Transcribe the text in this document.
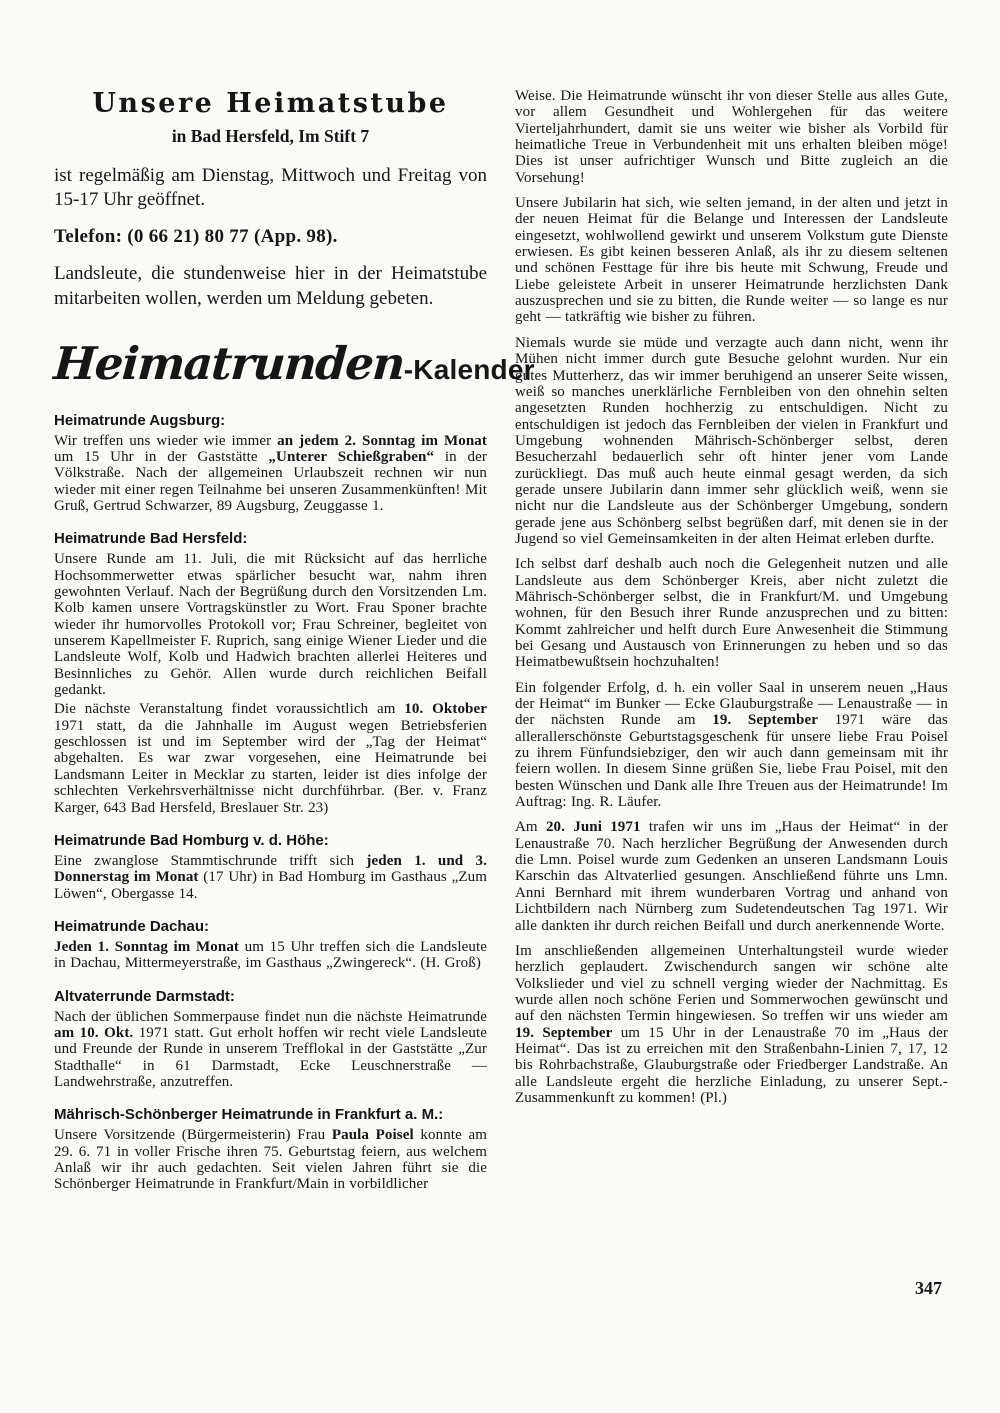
Unsere Heimatstube
in Bad Hersfeld, Im Stift 7

ist regelmäßig am Dienstag, Mittwoch und Freitag von 15-17 Uhr geöffnet.

Telefon: (0 66 21) 80 77 (App. 98).

Landsleute, die stundenweise hier in der Heimatstube mitarbeiten wollen, werden um Meldung gebeten.

Heimatrunden-Kalender
Heimatrunde Augsburg:

Wir treffen uns wieder wie immer an jedem 2. Sonntag im Monat um 15 Uhr in der Gaststätte „Unterer Schießgraben“ in der Völkstraße. Nach der allgemeinen Urlaubszeit rechnen wir nun wieder mit einer regen Teilnahme bei unseren Zusammenkünften! Mit Gruß, Gertrud Schwarzer, 89 Augsburg, Zeuggasse 1.

Heimatrunde Bad Hersfeld:

Unsere Runde am 11. Juli, die mit Rücksicht auf das herrliche Hochsommerwetter etwas spärlicher besucht war, nahm ihren gewohnten Verlauf. Nach der Begrüßung durch den Vorsitzenden Lm. Kolb kamen unsere Vortragskünstler zu Wort. Frau Sponer brachte wieder ihr humorvolles Protokoll vor; Frau Schreiner, begleitet von unserem Kapellmeister F. Ruprich, sang einige Wiener Lieder und die Landsleute Wolf, Kolb und Hadwich brachten allerlei Heiteres und Besinnliches zu Gehör. Allen wurde durch reichlichen Beifall gedankt.

Die nächste Veranstaltung findet voraussichtlich am 10. Oktober 1971 statt, da die Jahnhalle im August wegen Betriebsferien geschlossen ist und im September wird der „Tag der Heimat“ abgehalten. Es war zwar vorgesehen, eine Heimatrunde bei Landsmann Leiter in Mecklar zu starten, leider ist dies infolge der schlechten Verkehrsverhältnisse nicht durchführbar. (Ber. v. Franz Karger, 643 Bad Hersfeld, Breslauer Str. 23)

Heimatrunde Bad Homburg v. d. Höhe:

Eine zwanglose Stammtischrunde trifft sich jeden 1. und 3. Donnerstag im Monat (17 Uhr) in Bad Homburg im Gasthaus „Zum Löwen“, Obergasse 14.

Heimatrunde Dachau:

Jeden 1. Sonntag im Monat um 15 Uhr treffen sich die Landsleute in Dachau, Mittermeyerstraße, im Gasthaus „Zwingereck“. (H. Groß)

Altvaterrunde Darmstadt:

Nach der üblichen Sommerpause findet nun die nächste Heimatrunde am 10. Okt. 1971 statt. Gut erholt hoffen wir recht viele Landsleute und Freunde der Runde in unserem Trefflokal in der Gaststätte „Zur Stadthalle“ in 61 Darmstadt, Ecke Leuschnerstraße — Landwehrstraße, anzutreffen.

Mährisch-Schönberger Heimatrunde in Frankfurt a. M.:

Unsere Vorsitzende (Bürgermeisterin) Frau Paula Poisel konnte am 29. 6. 71 in voller Frische ihren 75. Geburtstag feiern, aus welchem Anlaß wir ihr auch gedachten. Seit vielen Jahren führt sie die Schönberger Heimatrunde in Frankfurt/Main in vorbildlicher

Weise. Die Heimatrunde wünscht ihr von dieser Stelle aus alles Gute, vor allem Gesundheit und Wohlergehen für das weitere Vierteljahrhundert, damit sie uns weiter wie bisher als Vorbild für heimatliche Treue in Verbundenheit mit uns erhalten bleiben möge! Dies ist unser aufrichtiger Wunsch und Bitte zugleich an die Vorsehung!

Unsere Jubilarin hat sich, wie selten jemand, in der alten und jetzt in der neuen Heimat für die Belange und Interessen der Landsleute eingesetzt, wohlwollend gewirkt und unserem Volkstum gute Dienste erwiesen. Es gibt keinen besseren Anlaß, als ihr zu diesem seltenen und schönen Festtage für ihre bis heute mit Schwung, Freude und Liebe geleistete Arbeit in unserer Heimatrunde herzlichsten Dank auszusprechen und sie zu bitten, die Runde weiter — so lange es nur geht — tatkräftig wie bisher zu führen.

Niemals wurde sie müde und verzagte auch dann nicht, wenn ihr Mühen nicht immer durch gute Besuche gelohnt wurden. Nur ein gutes Mutterherz, das wir immer beruhigend an unserer Seite wissen, weiß so manches unerklärliche Fernbleiben von den ohnehin selten angesetzten Runden hochherzig zu entschuldigen. Nicht zu entschuldigen ist jedoch das Fernbleiben der vielen in Frankfurt und Umgebung wohnenden Mährisch-Schönberger selbst, deren Besucherzahl bedauerlich sehr oft hinter jener vom Lande zurückliegt. Das muß auch heute einmal gesagt werden, da sich gerade unsere Jubilarin dann immer sehr glücklich weiß, wenn sie nicht nur die Landsleute aus der Schönberger Umgebung, sondern gerade jene aus Schönberg selbst begrüßen darf, mit denen sie in der Jugend so viel Gemeinsamkeiten in der alten Heimat erleben durfte.

Ich selbst darf deshalb auch noch die Gelegenheit nutzen und alle Landsleute aus dem Schönberger Kreis, aber nicht zuletzt die Mährisch-Schönberger selbst, die in Frankfurt/M. und Umgebung wohnen, für den Besuch ihrer Runde anzusprechen und zu bitten: Kommt zahlreicher und helft durch Eure Anwesenheit die Stimmung bei Gesang und Austausch von Erinnerungen zu heben und so das Heimatbewußtsein hochzuhalten!

Ein folgender Erfolg, d. h. ein voller Saal in unserem neuen „Haus der Heimat“ im Bunker — Ecke Glauburgstraße — Lenaustraße — in der nächsten Runde am 19. September 1971 wäre das allerallerschönste Geburtstagsgeschenk für unsere liebe Frau Poisel zu ihrem Fünfundsiebziger, den wir auch dann gemeinsam mit ihr feiern wollen. In diesem Sinne grüßen Sie, liebe Frau Poisel, mit den besten Wünschen und Dank alle Ihre Treuen aus der Heimatrunde! Im Auftrag: Ing. R. Läufer.

Am 20. Juni 1971 trafen wir uns im „Haus der Heimat“ in der Lenaustraße 70. Nach herzlicher Begrüßung der Anwesenden durch die Lmn. Poisel wurde zum Gedenken an unseren Landsmann Louis Karschin das Altvaterlied gesungen. Anschließend führte uns Lmn. Anni Bernhard mit ihrem wunderbaren Vortrag und anhand von Lichtbildern nach Nürnberg zum Sudetendeutschen Tag 1971. Wir alle dankten ihr durch reichen Beifall und durch anerkennende Worte.

Im anschließenden allgemeinen Unterhaltungsteil wurde wieder herzlich geplaudert. Zwischendurch sangen wir schöne alte Volkslieder und viel zu schnell verging wieder der Nachmittag. Es wurde allen noch schöne Ferien und Sommerwochen gewünscht und auf den nächsten Termin hingewiesen. So treffen wir uns wieder am 19. September um 15 Uhr in der Lenaustraße 70 im „Haus der Heimat“. Das ist zu erreichen mit den Straßenbahn-Linien 7, 17, 12 bis Rohrbachstraße, Glauburgstraße oder Friedberger Landstraße. An alle Landsleute ergeht die herzliche Einladung, zu unserer Sept.-Zusammenkunft zu kommen! (Pl.)

347
